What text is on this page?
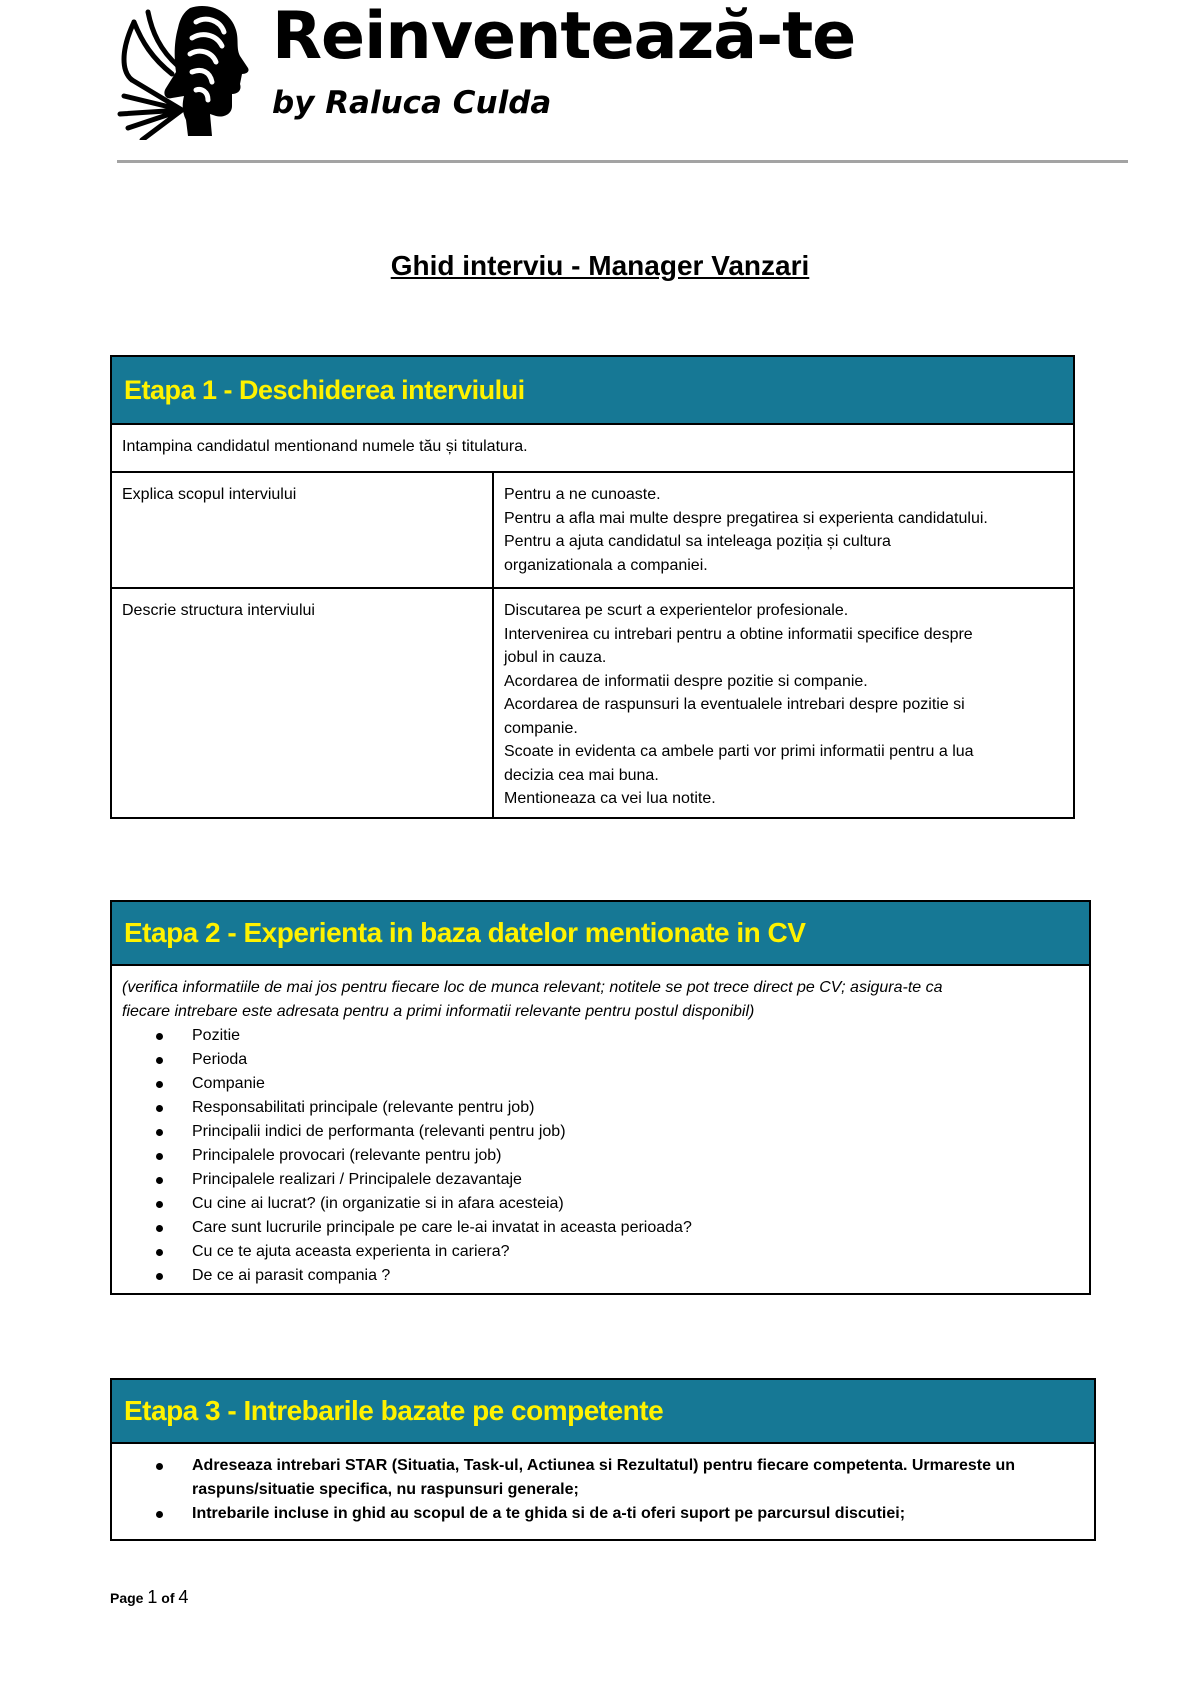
Reinventează-te
by Raluca Culda
Ghid interviu - Manager Vanzari
Etapa 1 - Deschiderea interviului
Intampina candidatul mentionand numele tău și titulatura.
Explica scopul interviului	Pentru a ne cunoaste.
Pentru a afla mai multe despre pregatirea si experienta candidatului.
Pentru a ajuta candidatul sa inteleaga poziția și cultura
organizationala a companiei.
Descrie structura interviului	Discutarea pe scurt a experientelor profesionale.
Intervenirea cu intrebari pentru a obtine informatii specifice despre
jobul in cauza.
Acordarea de informatii despre pozitie si companie.
Acordarea de raspunsuri la eventualele intrebari despre pozitie si
companie.
Scoate in evidenta ca ambele parti vor primi informatii pentru a lua
decizia cea mai buna.
Mentioneaza ca vei lua notite.
Etapa 2 - Experienta in baza datelor mentionate in CV
(verifica informatiile de mai jos pentru fiecare loc de munca relevant; notitele se pot trece direct pe CV; asigura-te ca
fiecare intrebare este adresata pentru a primi informatii relevante pentru postul disponibil)
Pozitie
Perioda
Companie
Responsabilitati principale (relevante pentru job)
Principalii indici de performanta (relevanti pentru job)
Principalele provocari (relevante pentru job)
Principalele realizari / Principalele dezavantaje
Cu cine ai lucrat? (in organizatie si in afara acesteia)
Care sunt lucrurile principale pe care le-ai invatat in aceasta perioada?
Cu ce te ajuta aceasta experienta in cariera?
De ce ai parasit compania ?
Etapa 3 - Intrebarile bazate pe competente
Adreseaza intrebari STAR (Situatia, Task-ul, Actiunea si Rezultatul) pentru fiecare competenta. Urmareste un raspuns/situatie specifica, nu raspunsuri generale;
Intrebarile incluse in ghid au scopul de a te ghida si de a-ti oferi suport pe parcursul discutiei;
Page 1 of 4
